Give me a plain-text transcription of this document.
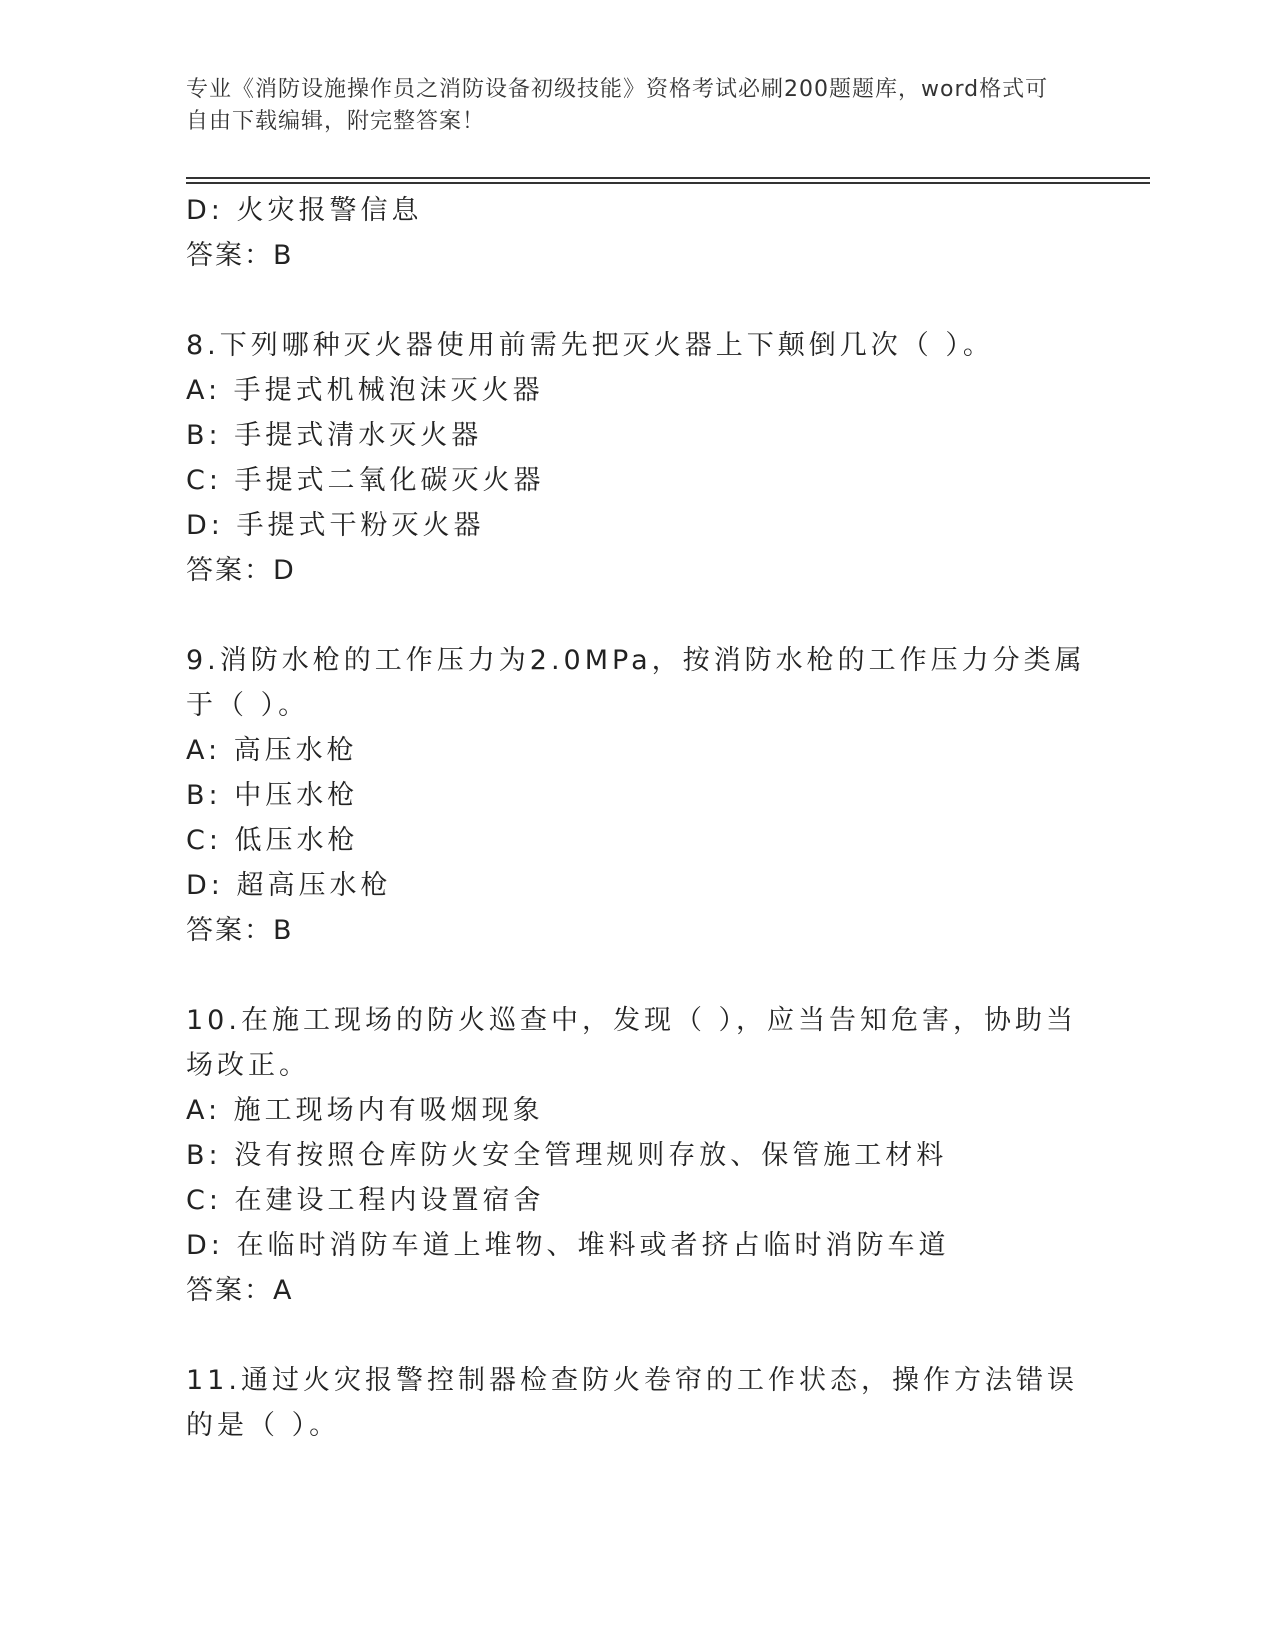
专业《消防设施操作员之消防设备初级技能》资格考试必刷200题题库，word格式可自由下载编辑，附完整答案！
D: 火灾报警信息
答案：B
8.下列哪种灭火器使用前需先把灭火器上下颠倒几次（ ）。
A: 手提式机械泡沫灭火器
B: 手提式清水灭火器
C: 手提式二氧化碳灭火器
D: 手提式干粉灭火器
答案：D
9.消防水枪的工作压力为2.0MPa，按消防水枪的工作压力分类属于（ ）。
A: 高压水枪
B: 中压水枪
C: 低压水枪
D: 超高压水枪
答案：B
10.在施工现场的防火巡查中，发现（ ），应当告知危害，协助当场改正。
A: 施工现场内有吸烟现象
B: 没有按照仓库防火安全管理规则存放、保管施工材料
C: 在建设工程内设置宿舍
D: 在临时消防车道上堆物、堆料或者挤占临时消防车道
答案：A
11.通过火灾报警控制器检查防火卷帘的工作状态，操作方法错误的是（ ）。
